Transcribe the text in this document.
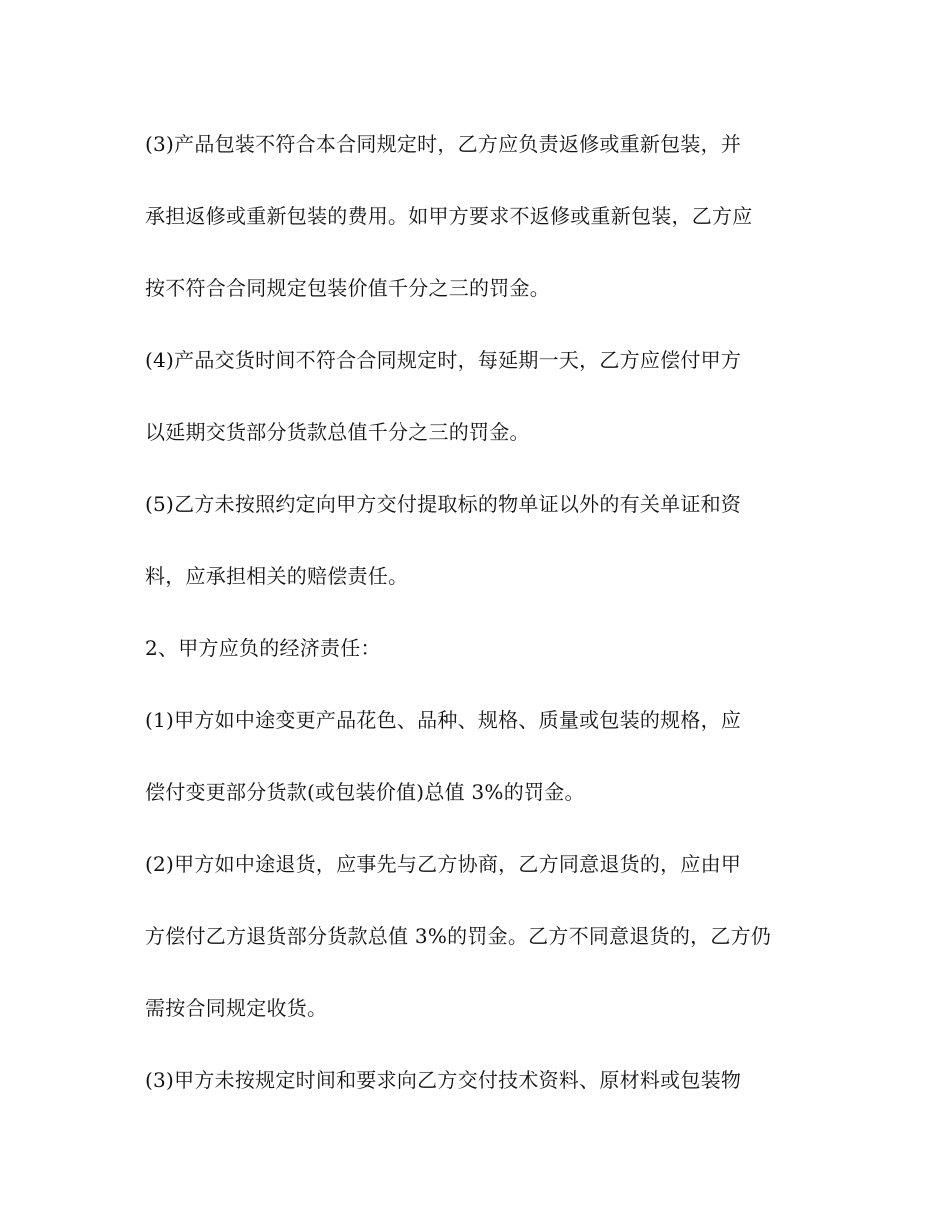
(3)产品包装不符合本合同规定时，乙方应负责返修或重新包装，并

承担返修或重新包装的费用。如甲方要求不返修或重新包装，乙方应

按不符合合同规定包装价值千分之三的罚金。

(4)产品交货时间不符合合同规定时，每延期一天，乙方应偿付甲方

以延期交货部分货款总值千分之三的罚金。

(5)乙方未按照约定向甲方交付提取标的物单证以外的有关单证和资

料，应承担相关的赔偿责任。

2、甲方应负的经济责任：

(1)甲方如中途变更产品花色、品种、规格、质量或包装的规格，应

偿付变更部分货款(或包装价值)总值 3%的罚金。

(2)甲方如中途退货，应事先与乙方协商，乙方同意退货的，应由甲

方偿付乙方退货部分货款总值 3%的罚金。乙方不同意退货的，乙方仍

需按合同规定收货。

(3)甲方未按规定时间和要求向乙方交付技术资料、原材料或包装物
